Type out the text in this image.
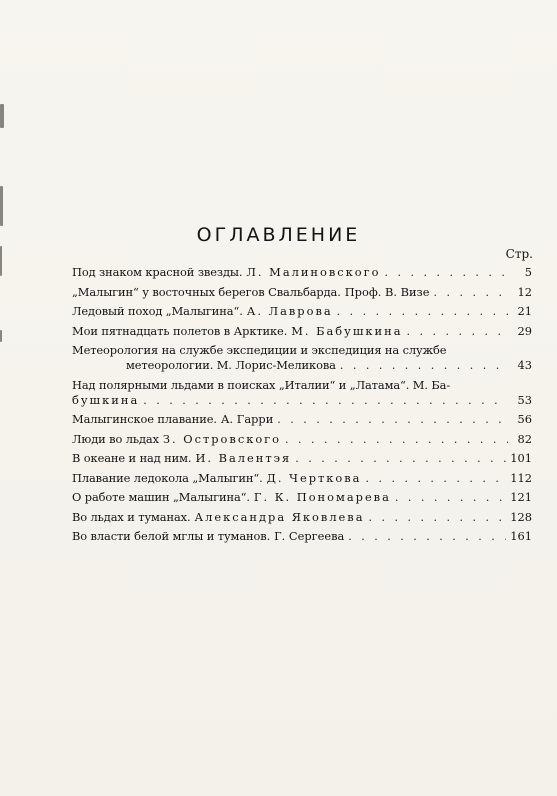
ОГЛАВЛЕНИЕ
Стр.
Под знаком красной звезды. Л. Малиновского . . .	5
„Малыгин“ у восточных берегов Свальбарда. Проф. В. Визе . . .	12
Ледовый поход „Малыгина“. А. Лаврова . . .	21
Мои пятнадцать полетов в Арктике. М. Бабушкина . . .	29
Метеорология на службе экспедиции и экспедиция на службе
метеорологии. М. Лорис-Меликова . . .	43
Над полярными льдами в поисках „Италии“ и „Латама“. М. Ба-
бушкина . . .	53
Малыгинское плавание. А. Гарри . . .	56
Люди во льдах З. Островского . . .	82
В океане и над ним. И. Валентэя . . .	101
Плавание ледокола „Малыгин“. Д. Черткова . . .	112
О работе машин „Малыгина“. Г. К. Пономарева . . .	121
Во льдах и туманах. Александра Яковлева . . .	128
Во власти белой мглы и туманов. Г. Сергеева . . .	161
